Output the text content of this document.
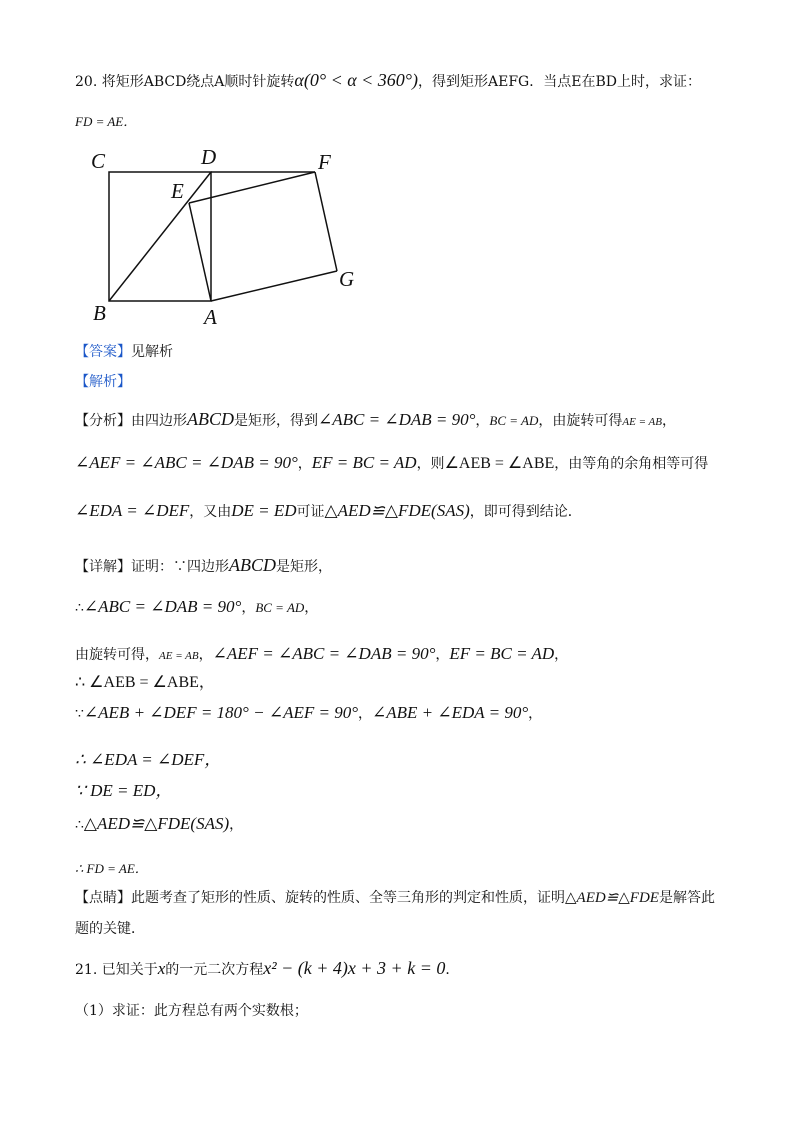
20. 将矩形ABCD绕点A顺时针旋转α(0° < α < 360°)，得到矩形AEFG．当点E在BD上时，求证：
FD = AE．
C	D	F
E
G
B	A
【答案】见解析
【解析】
【分析】由四边形ABCD是矩形，得到∠ABC = ∠DAB = 90°，BC = AD，由旋转可得AE = AB，
∠AEF = ∠ABC = ∠DAB = 90°，EF = BC = AD，则∠AEB = ∠ABE，由等角的余角相等可得
∠EDA = ∠DEF，又由DE = ED可证△AED≌△FDE(SAS)，即可得到结论．
【详解】证明：∵四边形ABCD是矩形，
∴∠ABC = ∠DAB = 90°，BC = AD，
由旋转可得，AE = AB，∠AEF = ∠ABC = ∠DAB = 90°，EF = BC = AD，
∴ ∠AEB = ∠ABE，
∵∠AEB + ∠DEF = 180° − ∠AEF = 90°，∠ABE + ∠EDA = 90°，
∴ ∠EDA = ∠DEF，
∵ DE = ED，
∴△AED≌△FDE(SAS)，
∴ FD = AE．
【点睛】此题考查了矩形的性质、旋转的性质、全等三角形的判定和性质，证明△AED≌△FDE是解答此
题的关键．
21. 已知关于x的一元二次方程x² − (k + 4)x + 3 + k = 0．
（1）求证：此方程总有两个实数根；
